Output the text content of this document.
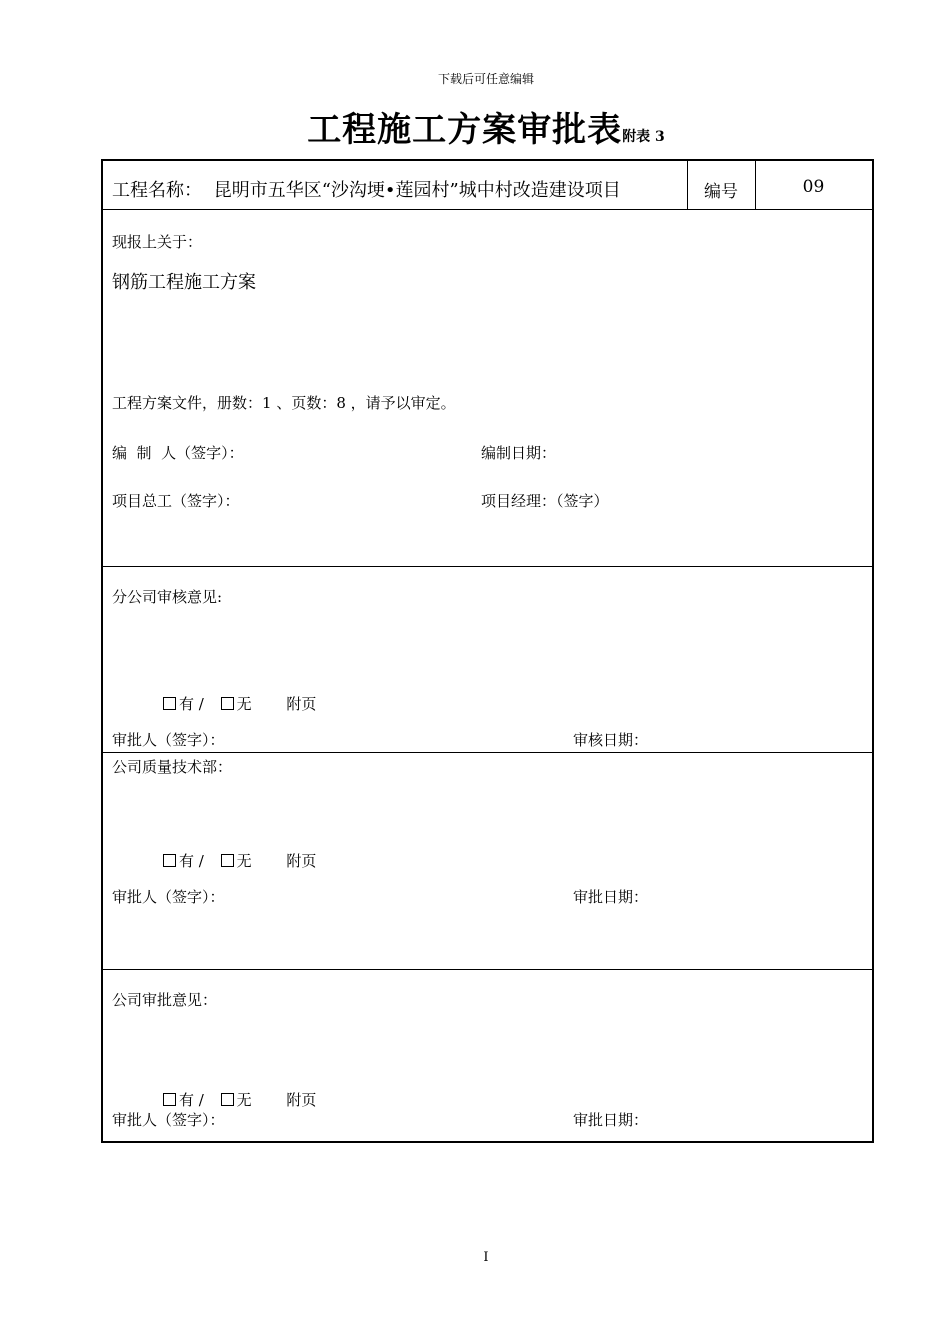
下载后可任意编辑
工程施工方案审批表附表 3
工程名称： 昆明市五华区“沙沟埂•莲园村”城中村改造建设项目	编号	09
现报上关于：
钢筋工程施工方案
工程方案文件，册数：1 、页数：8 ，请予以审定。
编  制  人（签字）：	编制日期：
项目总工（签字）：	项目经理：（签字）
分公司审核意见:
有 / 无 附页
审批人（签字）：	审核日期：
公司质量技术部：
有 / 无 附页
审批人（签字）：	审批日期：
公司审批意见：
有 / 无 附页
审批人（签字）：	审批日期：
I
